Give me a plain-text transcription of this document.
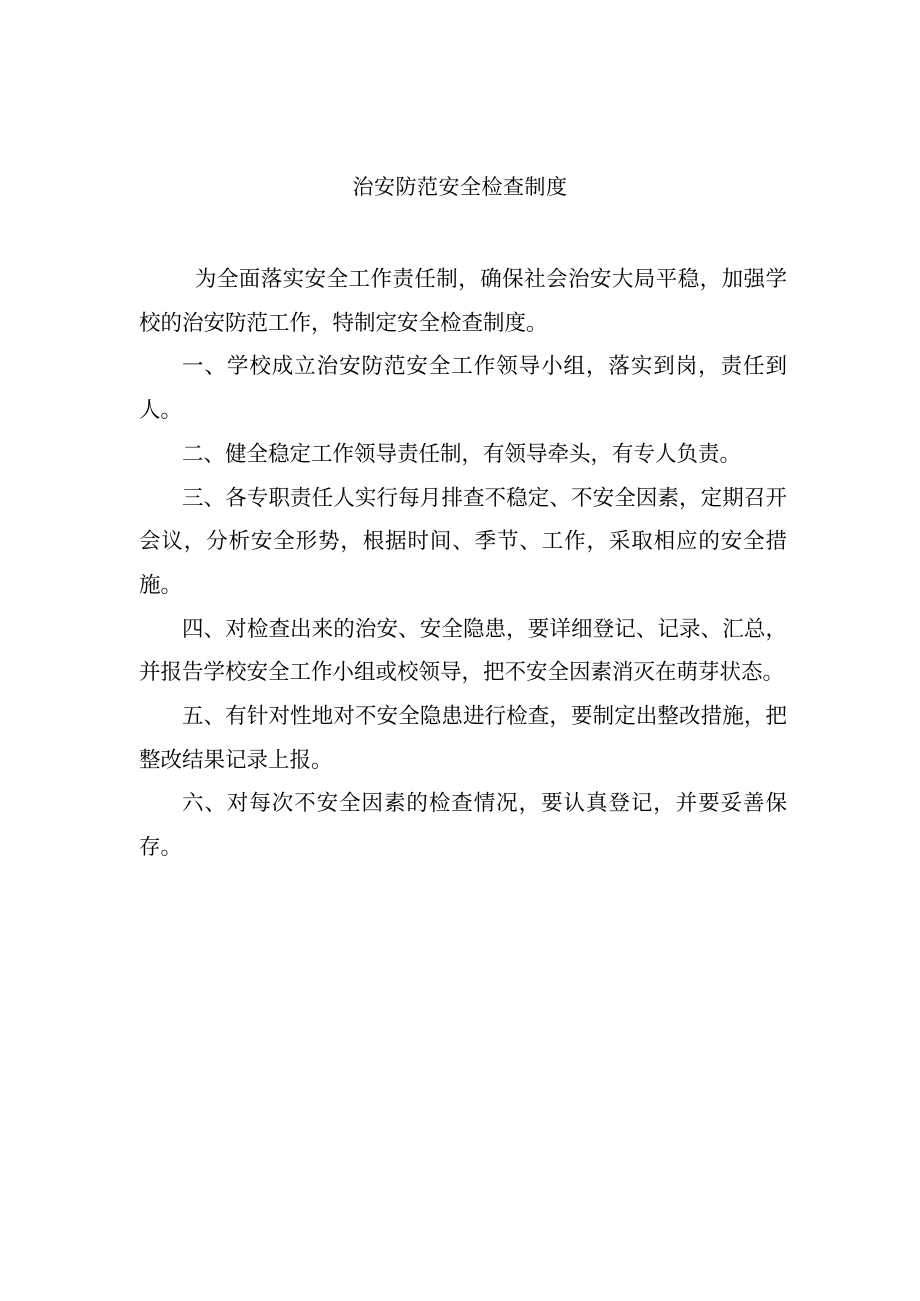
治安防范安全检查制度

为全面落实安全工作责任制，确保社会治安大局平稳，加强学校的治安防范工作，特制定安全检查制度。

一、学校成立治安防范安全工作领导小组，落实到岗，责任到人。

二、健全稳定工作领导责任制，有领导牵头，有专人负责。

三、各专职责任人实行每月排查不稳定、不安全因素，定期召开会议，分析安全形势，根据时间、季节、工作，采取相应的安全措施。

四、对检查出来的治安、安全隐患，要详细登记、记录、汇总，并报告学校安全工作小组或校领导，把不安全因素消灭在萌芽状态。

五、有针对性地对不安全隐患进行检查，要制定出整改措施，把整改结果记录上报。

六、对每次不安全因素的检查情况，要认真登记，并要妥善保存。
